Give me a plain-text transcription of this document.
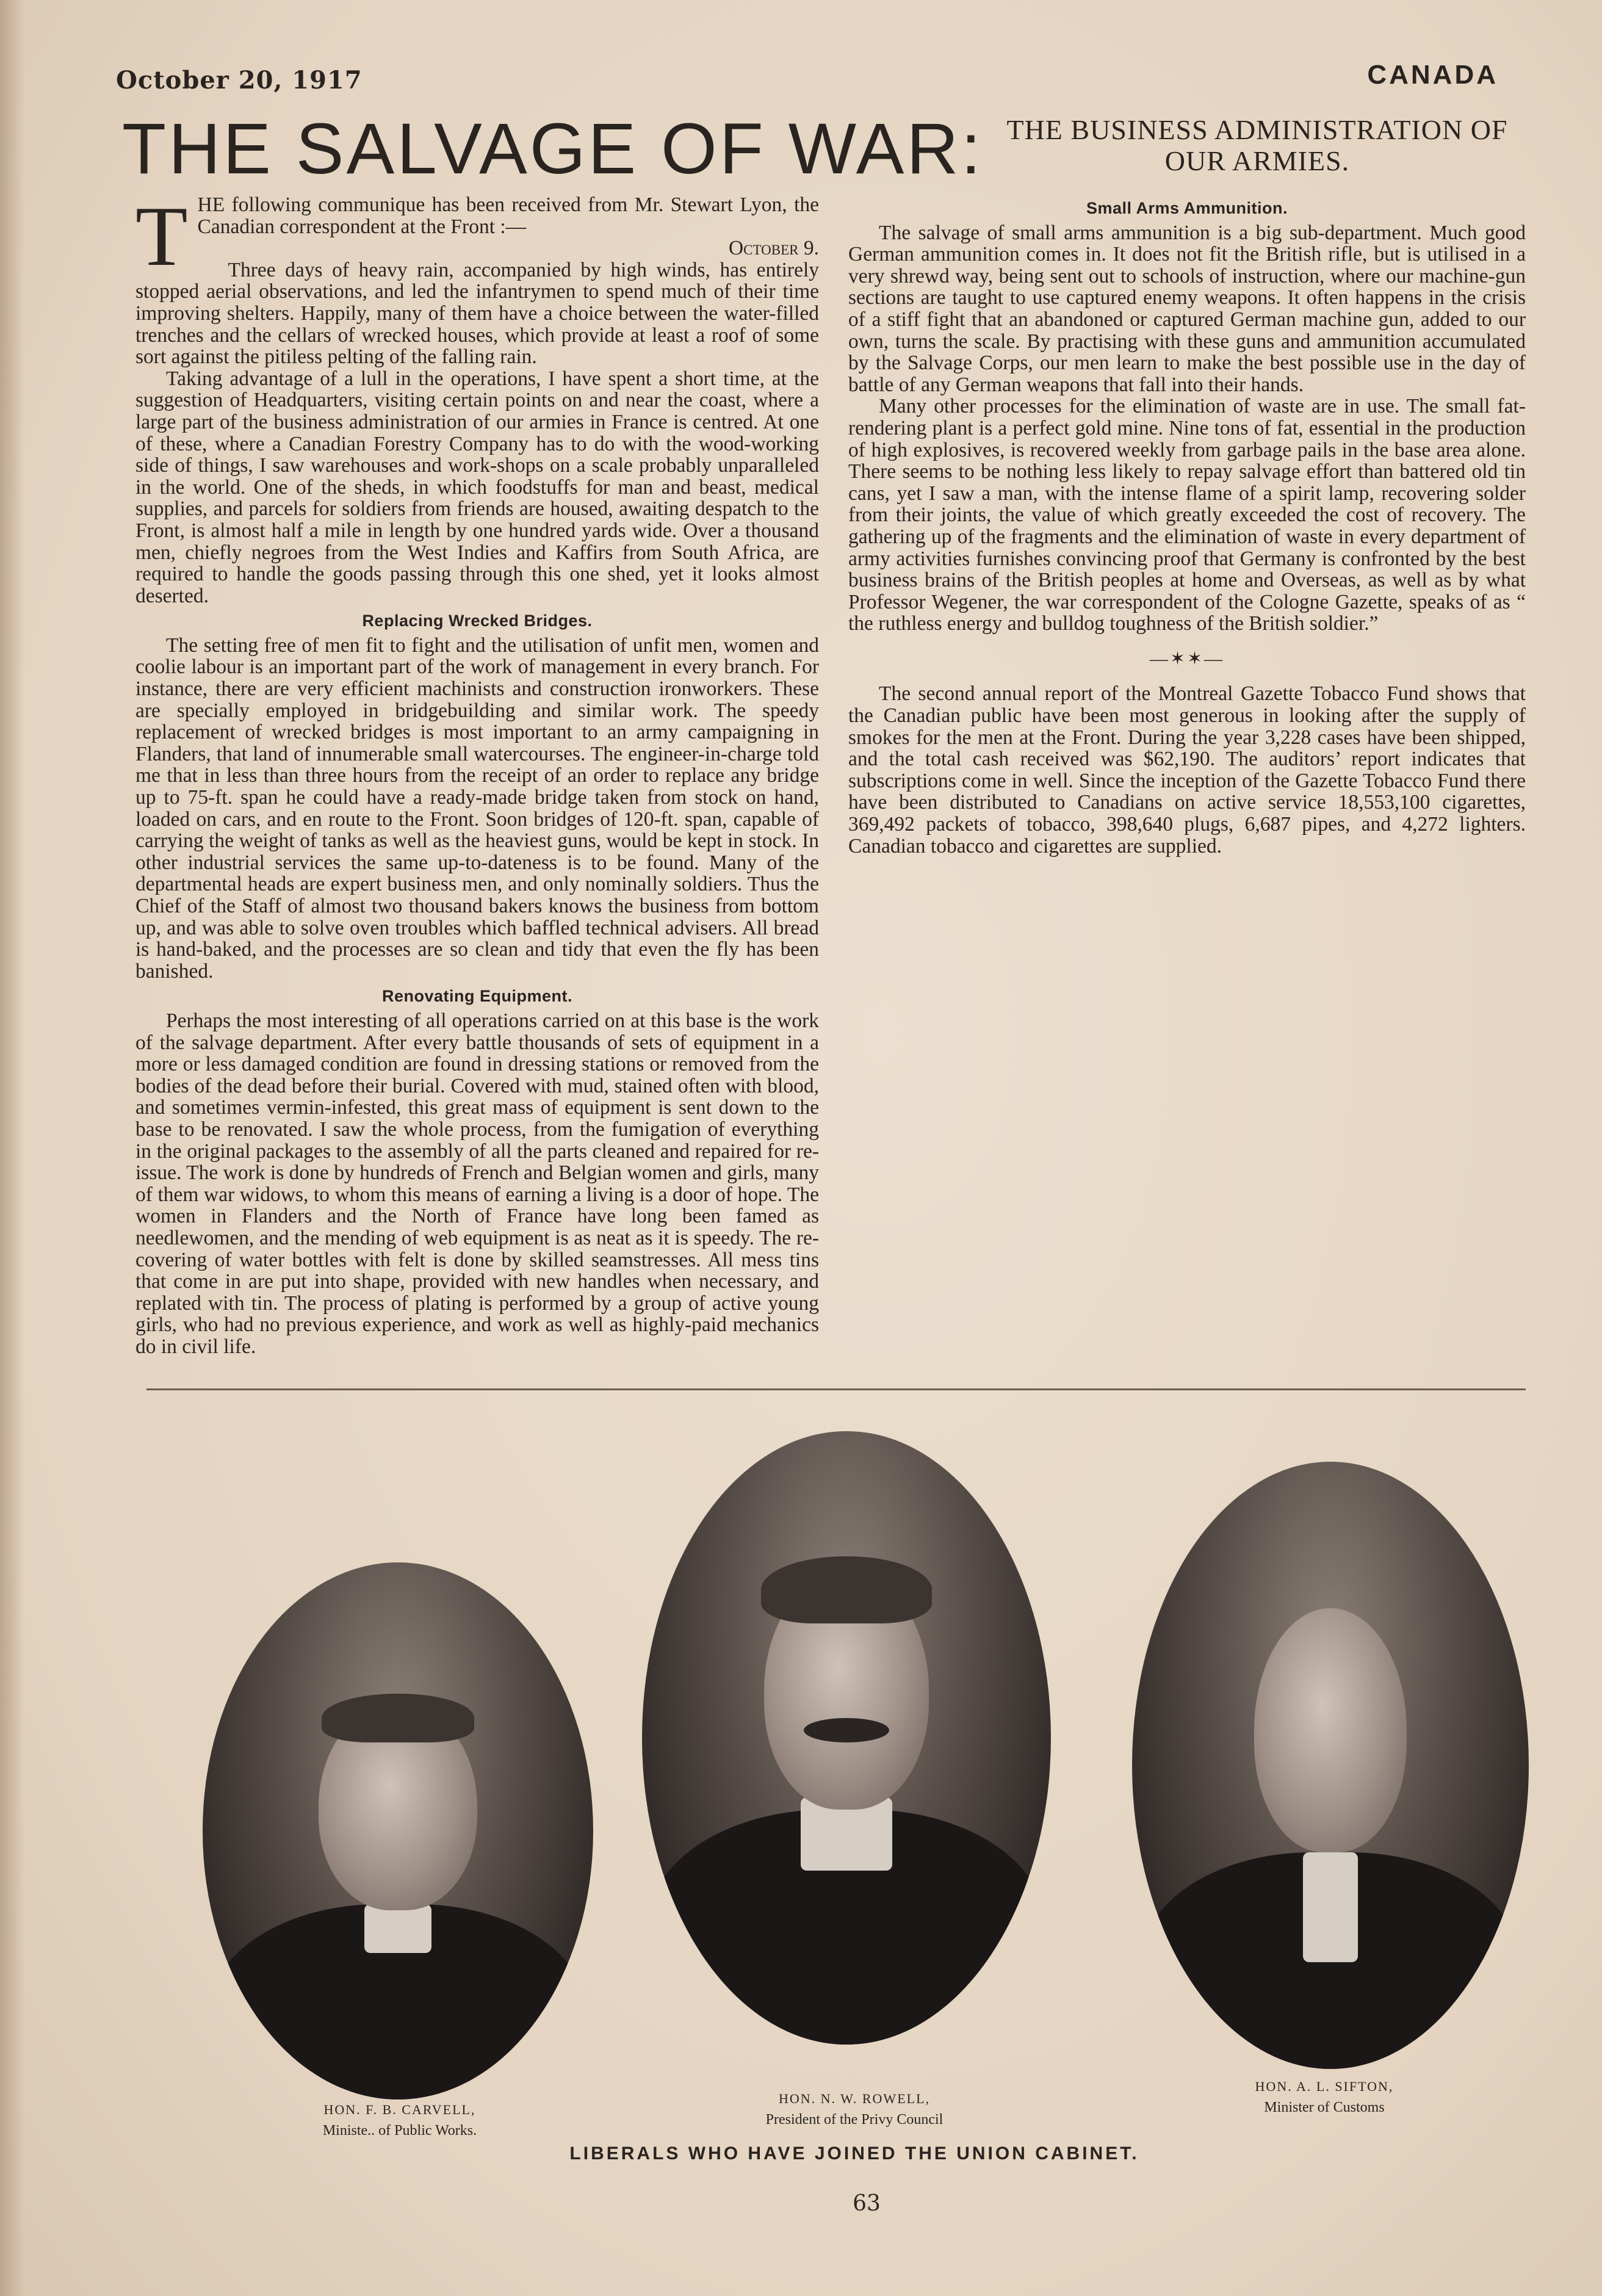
October 20, 1917	CANADA
THE SALVAGE OF WAR: THE BUSINESS ADMINISTRATION OF OUR ARMIES.

THE following communique has been received from Mr. Stewart Lyon, the Canadian correspondent at the Front :—

October 9.

Three days of heavy rain, accompanied by high winds, has entirely stopped aerial observations, and led the infantrymen to spend much of their time improving shelters. Happily, many of them have a choice between the water-filled trenches and the cellars of wrecked houses, which provide at least a roof of some sort against the pitiless pelting of the falling rain.

Taking advantage of a lull in the operations, I have spent a short time, at the suggestion of Headquarters, visiting certain points on and near the coast, where a large part of the business administration of our armies in France is centred. At one of these, where a Canadian Forestry Company has to do with the wood-working side of things, I saw warehouses and work-shops on a scale probably unparalleled in the world. One of the sheds, in which foodstuffs for man and beast, medical supplies, and parcels for soldiers from friends are housed, awaiting despatch to the Front, is almost half a mile in length by one hundred yards wide. Over a thousand men, chiefly negroes from the West Indies and Kaffirs from South Africa, are required to handle the goods passing through this one shed, yet it looks almost deserted.

Replacing Wrecked Bridges.

The setting free of men fit to fight and the utilisation of unfit men, women and coolie labour is an important part of the work of management in every branch. For instance, there are very efficient machinists and construction ironworkers. These are specially employed in bridgebuilding and similar work. The speedy replacement of wrecked bridges is most important to an army campaigning in Flanders, that land of innumerable small watercourses. The engineer-in-charge told me that in less than three hours from the receipt of an order to replace any bridge up to 75-ft. span he could have a ready-made bridge taken from stock on hand, loaded on cars, and en route to the Front. Soon bridges of 120-ft. span, capable of carrying the weight of tanks as well as the heaviest guns, would be kept in stock. In other industrial services the same up-to-dateness is to be found. Many of the departmental heads are expert business men, and only nominally soldiers. Thus the Chief of the Staff of almost two thousand bakers knows the business from bottom up, and was able to solve oven troubles which baffled technical advisers. All bread is hand-baked, and the processes are so clean and tidy that even the fly has been banished.

Renovating Equipment.

Perhaps the most interesting of all operations carried on at this base is the work of the salvage department. After every battle thousands of sets of equipment in a more or less damaged condition are found in dressing stations or removed from the bodies of the dead before their burial. Covered with mud, stained often with blood, and sometimes vermin-infested, this great mass of equipment is sent down to the base to be renovated. I saw the whole process, from the fumigation of everything in the original packages to the assembly of all the parts cleaned and repaired for re-issue. The work is done by hundreds of French and Belgian women and girls, many of them war widows, to whom this means of earning a living is a door of hope. The women in Flanders and the North of France have long been famed as needlewomen, and the mending of web equipment is as neat as it is speedy. The re-covering of water bottles with felt is done by skilled seamstresses. All mess tins that come in are put into shape, provided with new handles when necessary, and replated with tin. The process of plating is performed by a group of active young girls, who had no previous experience, and work as well as highly-paid mechanics do in civil life.

Small Arms Ammunition.

The salvage of small arms ammunition is a big sub-department. Much good German ammunition comes in. It does not fit the British rifle, but is utilised in a very shrewd way, being sent out to schools of instruction, where our machine-gun sections are taught to use captured enemy weapons. It often happens in the crisis of a stiff fight that an abandoned or captured German machine gun, added to our own, turns the scale. By practising with these guns and ammunition accumulated by the Salvage Corps, our men learn to make the best possible use in the day of battle of any German weapons that fall into their hands.

Many other processes for the elimination of waste are in use. The small fat-rendering plant is a perfect gold mine. Nine tons of fat, essential in the production of high explosives, is recovered weekly from garbage pails in the base area alone. There seems to be nothing less likely to repay salvage effort than battered old tin cans, yet I saw a man, with the intense flame of a spirit lamp, recovering solder from their joints, the value of which greatly exceeded the cost of recovery. The gathering up of the fragments and the elimination of waste in every department of army activities furnishes convincing proof that Germany is confronted by the best business brains of the British peoples at home and Overseas, as well as by what Professor Wegener, the war correspondent of the Cologne Gazette, speaks of as “ the ruthless energy and bulldog toughness of the British soldier.”

—✶✶—

The second annual report of the Montreal Gazette Tobacco Fund shows that the Canadian public have been most generous in looking after the supply of smokes for the men at the Front. During the year 3,228 cases have been shipped, and the total cash received was $62,190. The auditors’ report indicates that subscriptions come in well. Since the inception of the Gazette Tobacco Fund there have been distributed to Canadians on active service 18,553,100 cigarettes, 369,492 packets of tobacco, 398,640 plugs, 6,687 pipes, and 4,272 lighters. Canadian tobacco and cigarettes are supplied.

HON. F. B. CARVELL,
Ministe.. of Public Works.
HON. N. W. ROWELL,
President of the Privy Council
HON. A. L. SIFTON,
Minister of Customs
LIBERALS WHO HAVE JOINED THE UNION CABINET.
63
